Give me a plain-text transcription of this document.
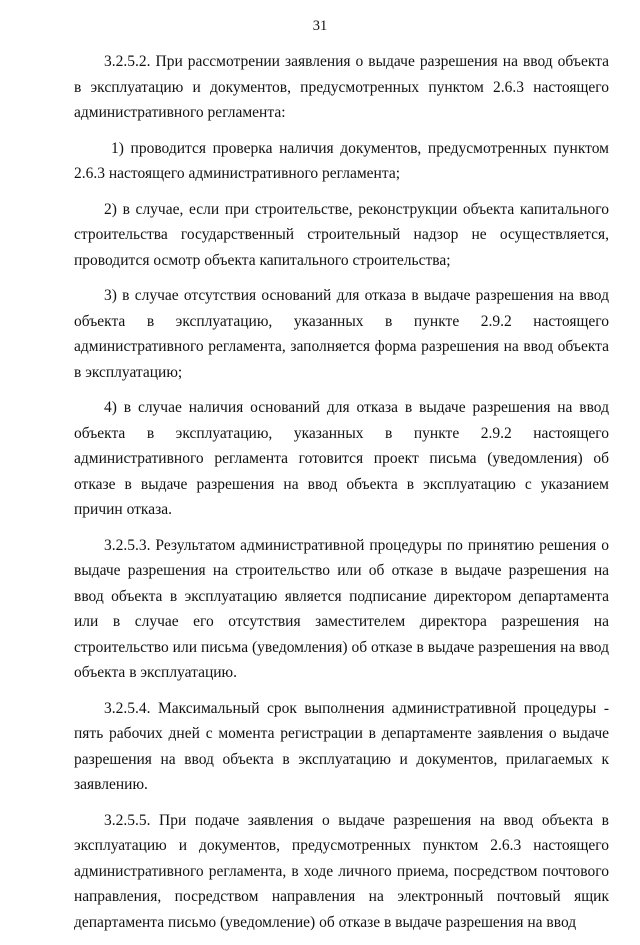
31

3.2.5.2. При рассмотрении заявления о выдаче разрешения на ввод объекта в эксплуатацию и документов, предусмотренных пунктом 2.6.3 настоящего административного регламента:

1) проводится проверка наличия документов, предусмотренных пунктом 2.6.3 настоящего административного регламента;

2) в случае, если при строительстве, реконструкции объекта капитального строительства государственный строительный надзор не осуществляется, проводится осмотр объекта капитального строительства;

3) в случае отсутствия оснований для отказа в выдаче разрешения на ввод объекта в эксплуатацию, указанных в пункте 2.9.2 настоящего административного регламента, заполняется форма разрешения на ввод объекта в эксплуатацию;

4) в случае наличия оснований для отказа в выдаче разрешения на ввод объекта в эксплуатацию, указанных в пункте 2.9.2 настоящего административного регламента готовится проект письма (уведомления) об отказе в выдаче разрешения на ввод объекта в эксплуатацию с указанием причин отказа.

3.2.5.3. Результатом административной процедуры по принятию решения о выдаче разрешения на строительство или об отказе в выдаче разрешения на ввод объекта в эксплуатацию является подписание директором департамента или в случае его отсутствия заместителем директора разрешения на строительство или письма (уведомления) об отказе в выдаче разрешения на ввод объекта в эксплуатацию.

3.2.5.4. Максимальный срок выполнения административной процедуры - пять рабочих дней с момента регистрации в департаменте заявления о выдаче разрешения на ввод объекта в эксплуатацию и документов, прилагаемых к заявлению.

3.2.5.5. При подаче заявления о выдаче разрешения на ввод объекта в эксплуатацию и документов, предусмотренных пунктом 2.6.3 настоящего административного регламента, в ходе личного приема, посредством почтового направления, посредством направления на электронный почтовый ящик департамента письмо (уведомление) об отказе в выдаче разрешения на ввод
